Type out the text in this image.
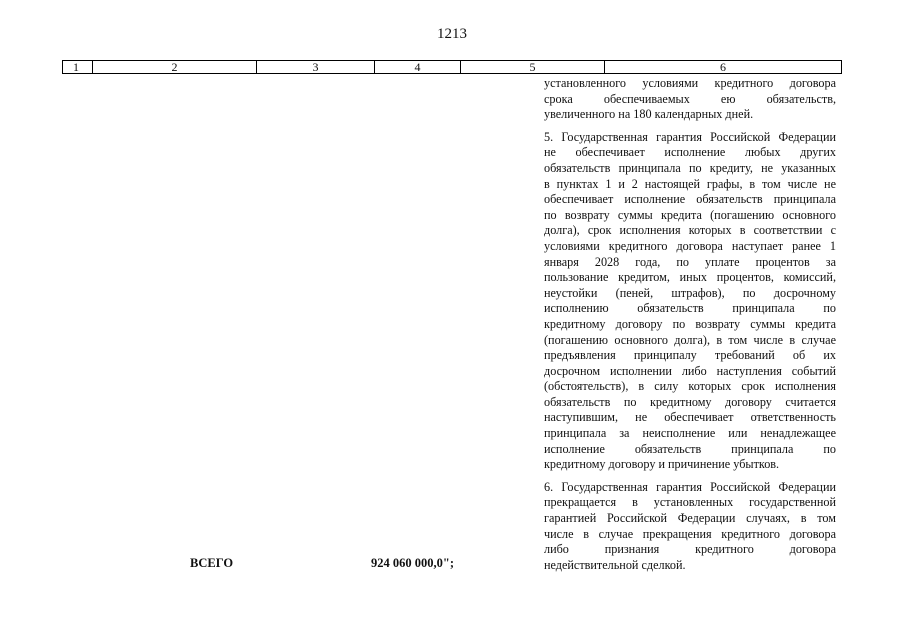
1213
1	2	3	4	5	6
установленного условиями кредитного договора
срока обеспечиваемых ею обязательств,
увеличенного на 180 календарных дней.
5. Государственная гарантия Российской Федерации
не обеспечивает исполнение любых других
обязательств принципала по кредиту, не указанных
в пунктах 1 и 2 настоящей графы, в том числе не
обеспечивает исполнение обязательств принципала
по возврату суммы кредита (погашению основного
долга), срок исполнения которых в соответствии с
условиями кредитного договора наступает ранее 1
января 2028 года, по уплате процентов за
пользование кредитом, иных процентов, комиссий,
неустойки (пеней, штрафов), по досрочному
исполнению обязательств принципала по
кредитному договору по возврату суммы кредита
(погашению основного долга), в том числе в случае
предъявления принципалу требований об их
досрочном исполнении либо наступления событий
(обстоятельств), в силу которых срок исполнения
обязательств по кредитному договору считается
наступившим, не обеспечивает ответственность
принципала за неисполнение или ненадлежащее
исполнение обязательств принципала по
кредитному договору и причинение убытков.
6. Государственная гарантия Российской Федерации
прекращается в установленных государственной
гарантией Российской Федерации случаях, в том
числе в случае прекращения кредитного договора
либо признания кредитного договора
недействительной сделкой.
ВСЕГО	924 060 000,0";
